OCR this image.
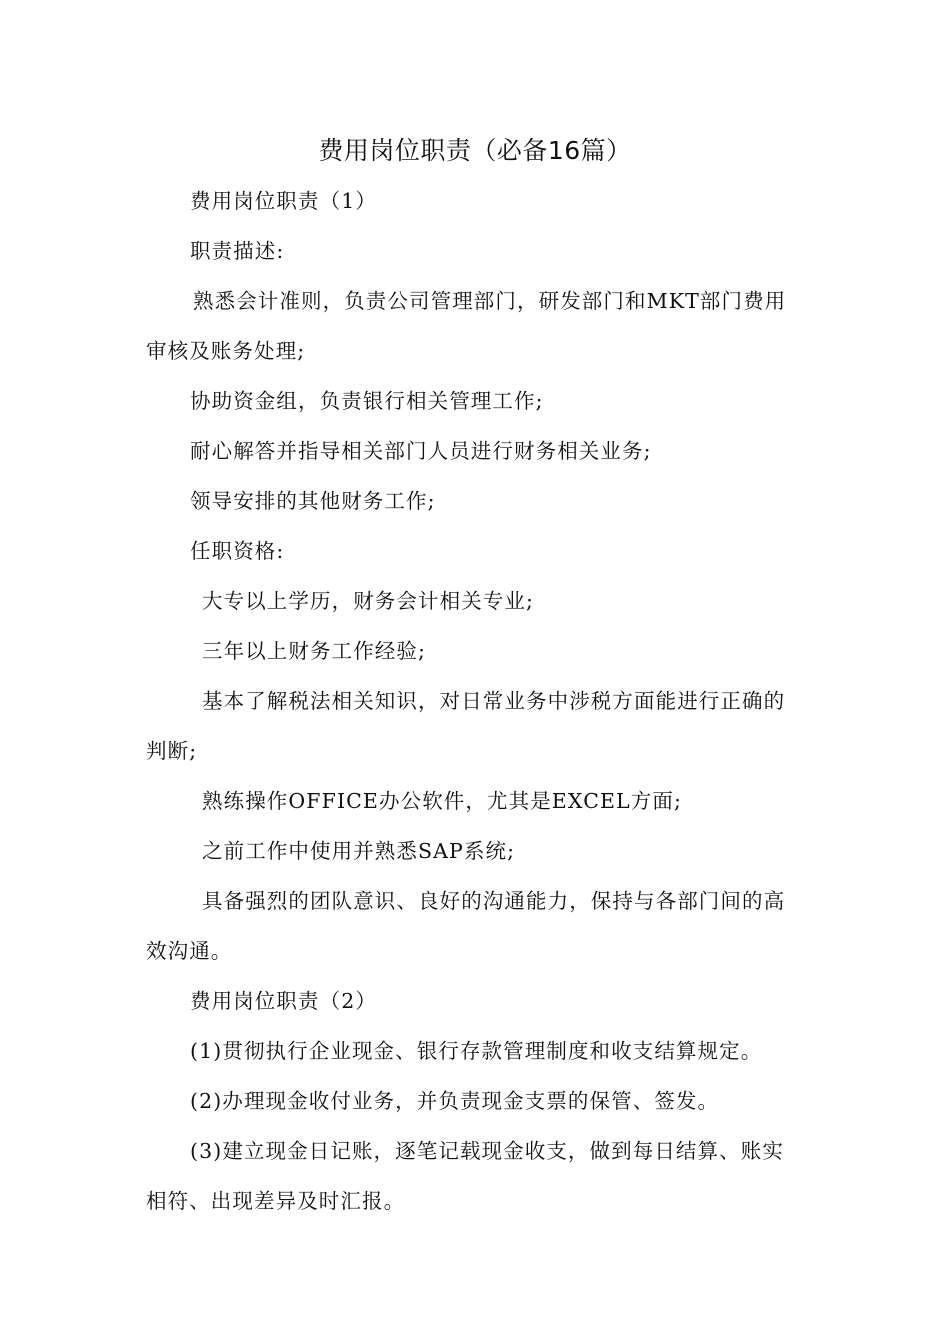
费用岗位职责（必备16篇）
费用岗位职责（1）
职责描述:
熟悉会计准则，负责公司管理部门，研发部门和MKT部门费用
审核及账务处理;
协助资金组，负责银行相关管理工作;
耐心解答并指导相关部门人员进行财务相关业务;
领导安排的其他财务工作;
任职资格:
大专以上学历，财务会计相关专业;
三年以上财务工作经验;
基本了解税法相关知识，对日常业务中涉税方面能进行正确的
判断;
熟练操作OFFICE办公软件，尤其是EXCEL方面;
之前工作中使用并熟悉SAP系统;
具备强烈的团队意识、良好的沟通能力，保持与各部门间的高
效沟通。
费用岗位职责（2）
(1)贯彻执行企业现金、银行存款管理制度和收支结算规定。
(2)办理现金收付业务，并负责现金支票的保管、签发。
(3)建立现金日记账，逐笔记载现金收支，做到每日结算、账实
相符、出现差异及时汇报。
